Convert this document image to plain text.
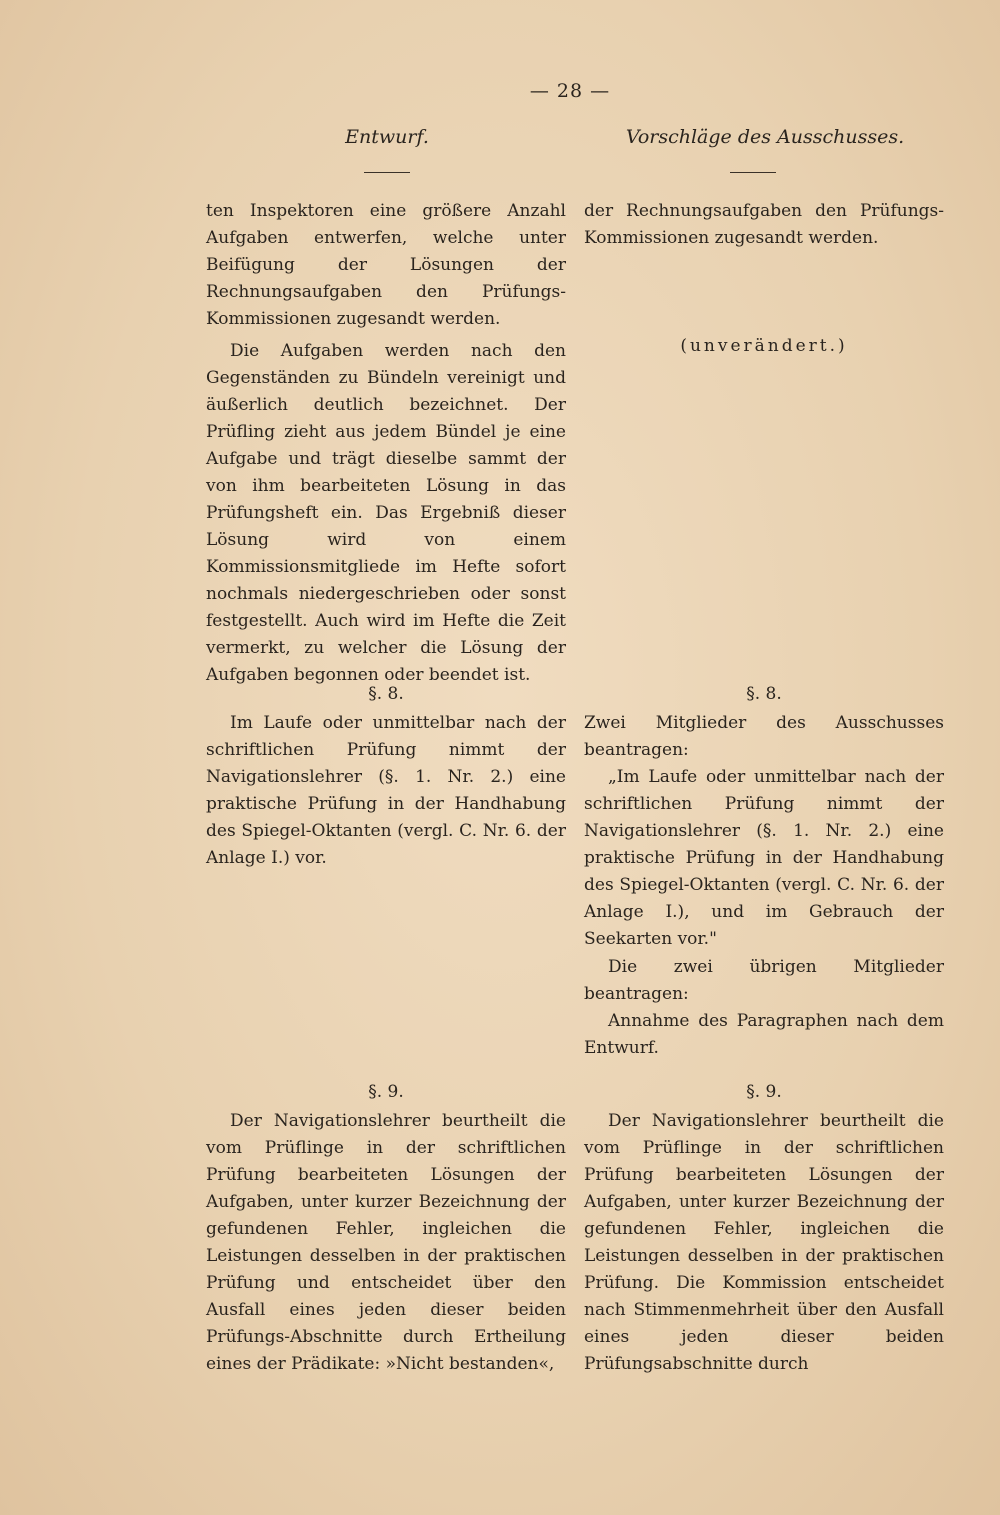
— 28 —
Entwurf.	Vorschläge des Ausschusses.

ten Inspektoren eine größere Anzahl Aufgaben entwerfen, welche unter Beifügung der Lösungen der Rechnungsaufgaben den Prüfungs-Kommissionen zugesandt werden.

Die Aufgaben werden nach den Gegenständen zu Bündeln vereinigt und äußerlich deutlich bezeichnet. Der Prüfling zieht aus jedem Bündel je eine Aufgabe und trägt dieselbe sammt der von ihm bearbeiteten Lösung in das Prüfungsheft ein. Das Ergebniß dieser Lösung wird von einem Kommissionsmitgliede im Hefte sofort nochmals niedergeschrieben oder sonst festgestellt. Auch wird im Hefte die Zeit vermerkt, zu welcher die Lösung der Aufgaben begonnen oder beendet ist.

§. 8.

Im Laufe oder unmittelbar nach der schriftlichen Prüfung nimmt der Navigationslehrer (§. 1. Nr. 2.) eine praktische Prüfung in der Handhabung des Spiegel-Oktanten (vergl. C. Nr. 6. der Anlage I.) vor.

§. 9.

Der Navigationslehrer beurtheilt die vom Prüflinge in der schriftlichen Prüfung bearbeiteten Lösungen der Aufgaben, unter kurzer Bezeichnung der gefundenen Fehler, ingleichen die Leistungen desselben in der praktischen Prüfung und entscheidet über den Ausfall eines jeden dieser beiden Prüfungs-Abschnitte durch Ertheilung eines der Prädikate: »Nicht bestanden«,

der Rechnungsaufgaben den Prüfungs-Kommissionen zugesandt werden.

(unverändert.)
§. 8.

Zwei Mitglieder des Ausschusses beantragen:

„Im Laufe oder unmittelbar nach der schriftlichen Prüfung nimmt der Navigationslehrer (§. 1. Nr. 2.) eine praktische Prüfung in der Handhabung des Spiegel-Oktanten (vergl. C. Nr. 6. der Anlage I.), und im Gebrauch der Seekarten vor."

Die zwei übrigen Mitglieder beantragen:

Annahme des Paragraphen nach dem Entwurf.

§. 9.

Der Navigationslehrer beurtheilt die vom Prüflinge in der schriftlichen Prüfung bearbeiteten Lösungen der Aufgaben, unter kurzer Bezeichnung der gefundenen Fehler, ingleichen die Leistungen desselben in der praktischen Prüfung. Die Kommission entscheidet nach Stimmenmehrheit über den Ausfall eines jeden dieser beiden Prüfungsabschnitte durch
